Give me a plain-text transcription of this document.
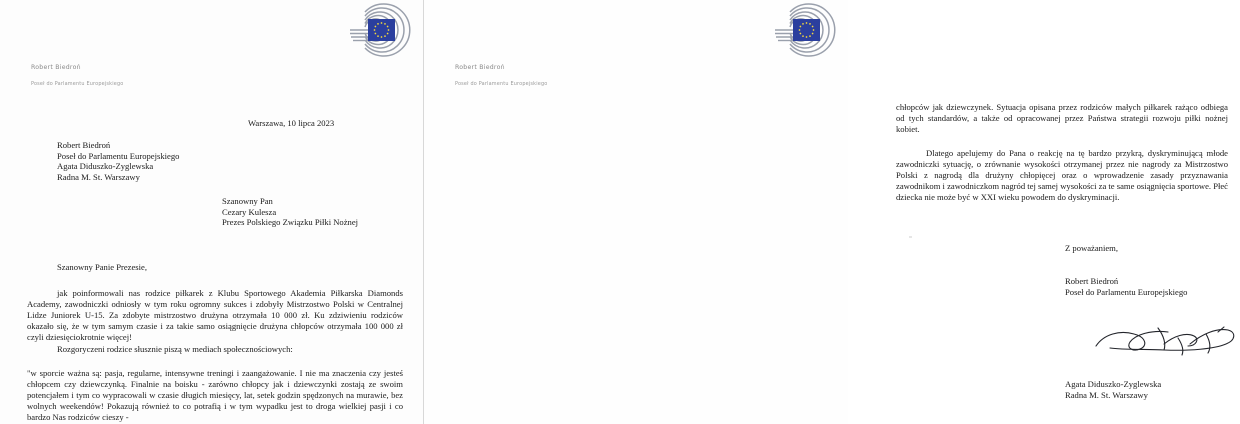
Robert Biedroń
Poseł do Parlamentu Europejskiego
Warszawa, 10 lipca 2023
Robert Biedroń
Poseł do Parlamentu Europejskiego
Agata Diduszko-Zyglewska
Radna M. St. Warszawy
Szanowny Pan
Cezary Kulesza
Prezes Polskiego Związku Piłki Nożnej
Szanowny Panie Prezesie,
jak poinformowali nas rodzice piłkarek z Klubu Sportowego Akademia Piłkarska Diamonds Academy, zawodniczki odniosły w tym roku ogromny sukces i zdobyły Mistrzostwo Polski w Centralnej Lidze Juniorek U-15. Za zdobyte mistrzostwo drużyna otrzymała 10 000 zł. Ku zdziwieniu rodziców okazało się, że w tym samym czasie i za takie samo osiągnięcie drużyna chłopców otrzymała 100 000 zł czyli dziesięciokrotnie więcej!
Rozgoryczeni rodzice słusznie piszą w mediach społecznościowych:
"w sporcie ważna są: pasja, regularne, intensywne treningi i zaangażowanie. I nie ma znaczenia czy jesteś chłopcem czy dziewczynką. Finalnie na boisku - zarówno chłopcy jak i dziewczynki zostają ze swoim potencjałem i tym co wypracowali w czasie długich miesięcy, lat, setek godzin spędzonych na murawie, bez wolnych weekendów! Pokazują również to co potrafią i w tym wypadku jest to droga wielkiej pasji i co bardzo Nas rodziców cieszy -
Robert Biedroń
Poseł do Parlamentu Europejskiego
chłopców jak dziewczynek. Sytuacja opisana przez rodziców małych piłkarek rażąco odbiega od tych standardów, a także od opracowanej przez Państwa strategii rozwoju piłki nożnej kobiet.
Dlatego apelujemy do Pana o reakcję na tę bardzo przykrą, dyskryminującą młode zawodniczki sytuację, o zrównanie wysokości otrzymanej przez nie nagrody za Mistrzostwo Polski z nagrodą dla drużyny chłopięcej oraz o wprowadzenie zasady przyznawania zawodnikom i zawodniczkom nagród tej samej wysokości za te same osiągnięcia sportowe. Płeć dziecka nie może być w XXI wieku powodem do dyskryminacji.
Z poważaniem,
Robert Biedroń
Poseł do Parlamentu Europejskiego
Agata Diduszko-Zyglewska
Radna M. St. Warszawy
